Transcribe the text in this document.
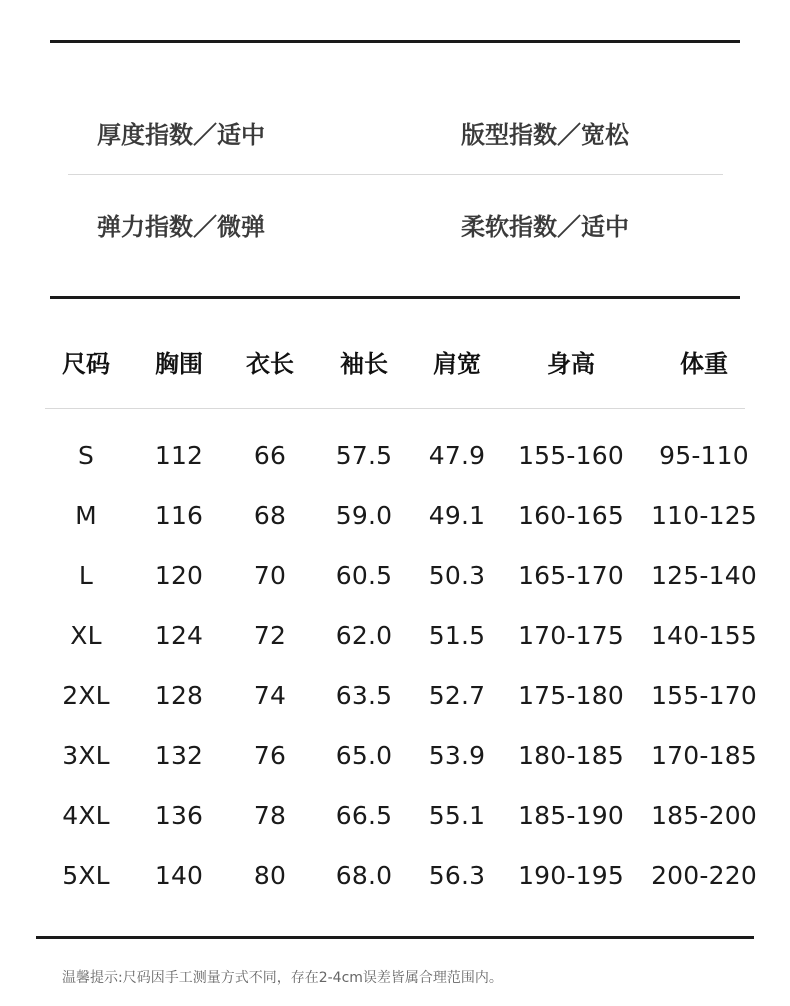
厚度指数／适中	版型指数／宽松
弹力指数／微弹	柔软指数／适中
尺码 胸围 衣长 袖长 肩宽	身高	体重
S 112 66 57.5 47.9 155-160 95-110
M 116 68 59.0 49.1 160-165 110-125
L 120 70 60.5 50.3 165-170 125-140
XL 124 72 62.0 51.5 170-175 140-155
2XL 128 74 63.5 52.7 175-180 155-170
3XL 132 76 65.0 53.9 180-185 170-185
4XL 136 78 66.5 55.1 185-190 185-200
5XL 140 80 68.0 56.3 190-195 200-220
温馨提示:尺码因手工测量方式不同，存在2-4cm误差皆属合理范围内。
